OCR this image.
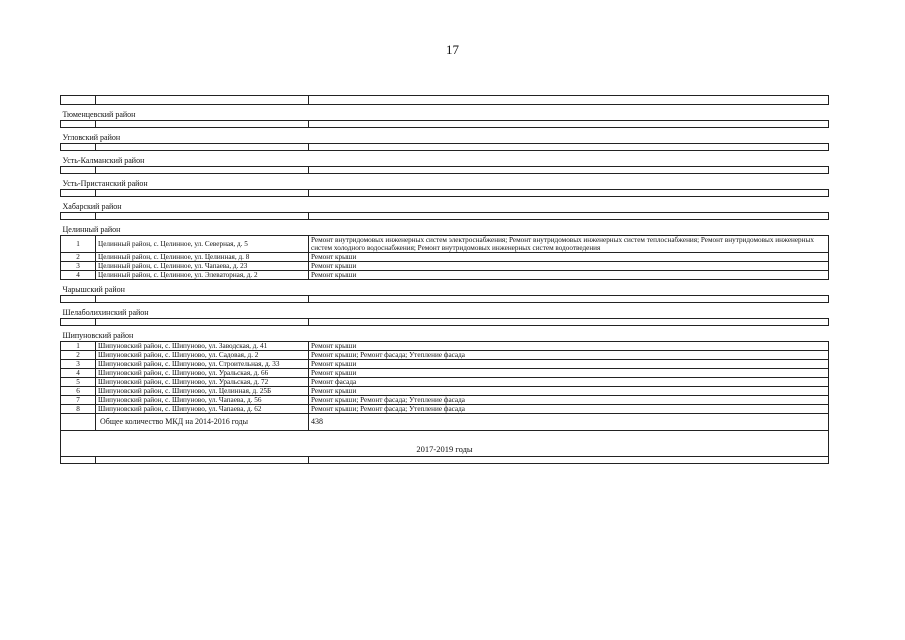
17

Тюменцевский район		

Угловский район		

Усть-Калманский район		

Усть-Пристанский район		

Хабарский район		

Целинный район		
1	Целинный район, с. Целинное, ул. Северная, д. 5	Ремонт внутридомовых инженерных систем электроснабжения; Ремонт внутридомовых инженерных систем теплоснабжения; Ремонт внутридомовых инженерных систем холодного водоснабжения; Ремонт внутридомовых инженерных систем водоотведения
2	Целинный район, с. Целинное, ул. Целинная, д. 8	Ремонт крыши
3	Целинный район, с. Целинное, ул. Чапаева, д. 23	Ремонт крыши
4	Целинный район, с. Целинное, ул. Элеваторная, д. 2	Ремонт крыши
Чарышский район		

Шелаболихинский район		

Шипуновский район		
1	Шипуновский район, с. Шипуново, ул. Заводская, д. 41	Ремонт крыши
2	Шипуновский район, с. Шипуново, ул. Садовая, д. 2	Ремонт крыши; Ремонт фасада; Утепление фасада
3	Шипуновский район, с. Шипуново, ул. Строительная, д. 33	Ремонт крыши
4	Шипуновский район, с. Шипуново, ул. Уральская, д. 66	Ремонт крыши
5	Шипуновский район, с. Шипуново, ул. Уральская, д. 72	Ремонт фасада
6	Шипуновский район, с. Шипуново, ул. Целинная, д. 25Б	Ремонт крыши
7	Шипуновский район, с. Шипуново, ул. Чапаева, д. 56	Ремонт крыши; Ремонт фасада; Утепление фасада
8	Шипуновский район, с. Шипуново, ул. Чапаева, д. 62	Ремонт крыши; Ремонт фасада; Утепление фасада
	Общее количество МКД на 2014-2016 годы	438
2017-2019 годы		
